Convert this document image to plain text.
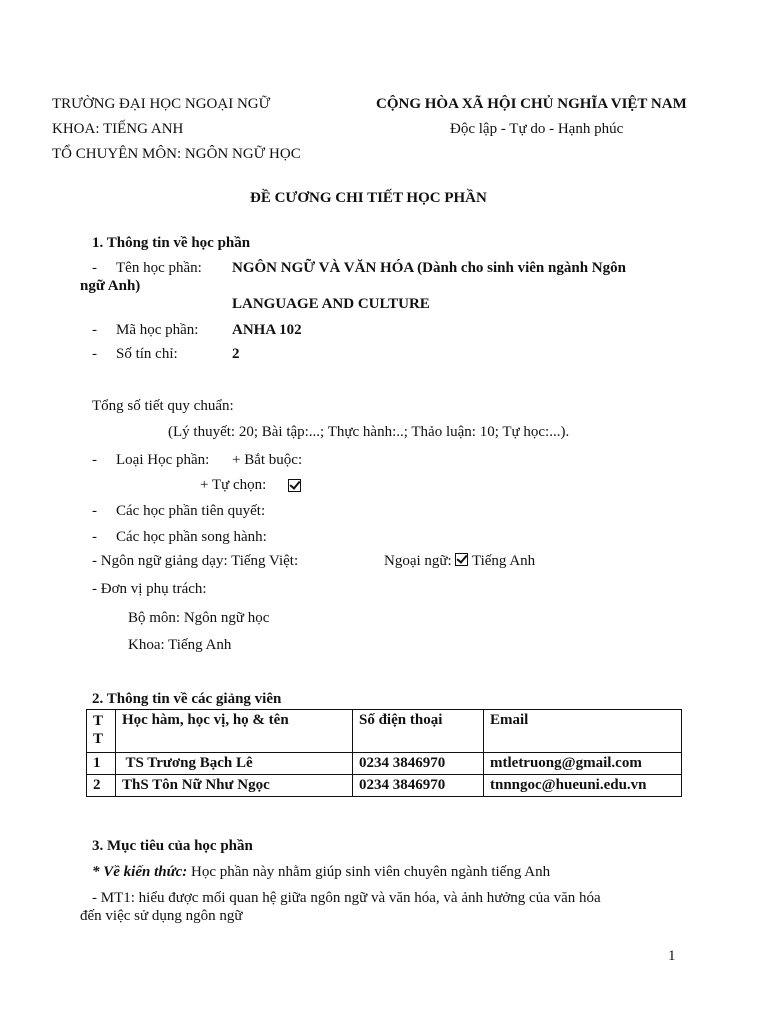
TRƯỜNG ĐẠI HỌC NGOẠI NGỮ
KHOA: TIẾNG ANH
TỔ CHUYÊN MÔN: NGÔN NGỮ HỌC
CỘNG HÒA XÃ HỘI CHỦ NGHĨA VIỆT NAM
Độc lập - Tự do - Hạnh phúc
ĐỀ CƯƠNG CHI TIẾT HỌC PHẦN
1. Thông tin về học phần
- Tên học phần: NGÔN NGỮ VÀ VĂN HÓA (Dành cho sinh viên ngành Ngôn
ngữ Anh)
LANGUAGE AND CULTURE
- Mã học phần: ANHA 102
- Số tín chỉ:	2
Tổng số tiết quy chuẩn:
(Lý thuyết: 20; Bài tập:...; Thực hành:..; Thảo luận: 10; Tự học:...).
- Loại Học phần: + Bắt buộc:
+ Tự chọn:
- Các học phần tiên quyết:
- Các học phần song hành:
- Ngôn ngữ giảng dạy: Tiếng Việt:	Ngoại ngữ: Tiếng Anh
- Đơn vị phụ trách:
Bộ môn: Ngôn ngữ học
Khoa: Tiếng Anh
2. Thông tin về các giảng viên
T
T	Học hàm, học vị, họ & tên	Số điện thoại	Email
1	TS Trương Bạch Lê	0234 3846970	mtletruong@gmail.com
2	ThS Tôn Nữ Như Ngọc	0234 3846970	tnnngoc@hueuni.edu.vn
3. Mục tiêu của học phần
* Về kiến thức: Học phần này nhằm giúp sinh viên chuyên ngành tiếng Anh
- MT1: hiểu được mối quan hệ giữa ngôn ngữ và văn hóa, và ảnh hưởng của văn hóa
đến việc sử dụng ngôn ngữ
1
